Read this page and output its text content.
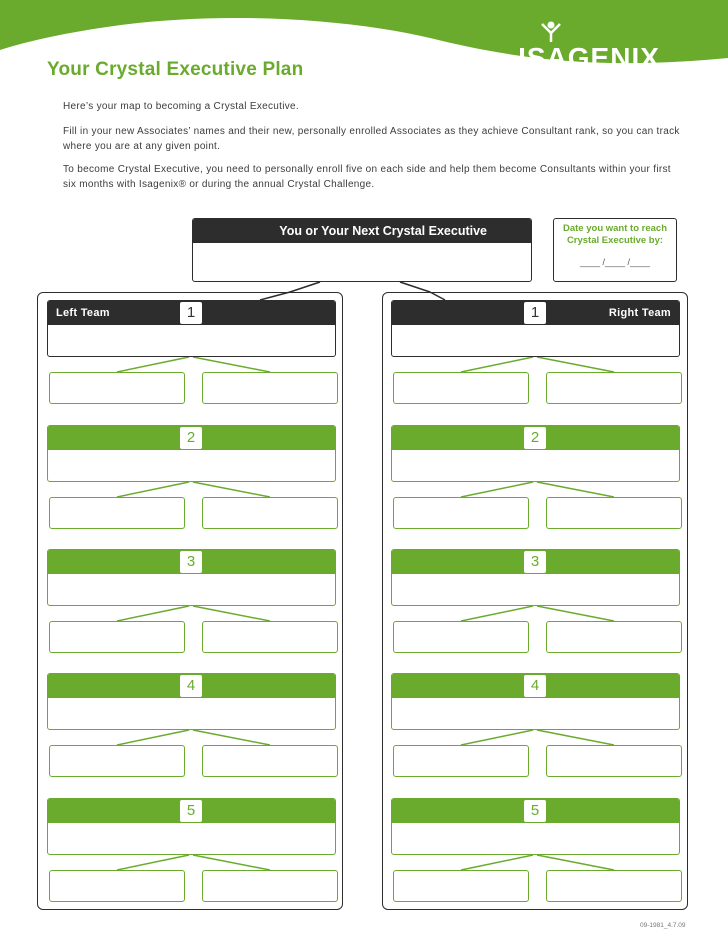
Your Crystal Executive Plan	ISAGENIX
World Leader in Nutritional Cleansing®
Here’s your map to becoming a Crystal Executive.
Fill in your new Associates’ names and their new, personally enrolled Associates as they achieve Consultant rank, so you can track where you are at any given point.
To become Crystal Executive, you need to personally enroll five on each side and help them become Consultants within your first six months with Isagenix® or during the annual Crystal Challenge.
You or Your Next Crystal Executive	Date you want to reach Crystal Executive by:
____ /____ /____
Left Team	1
2
3
4
5
Right Team
1
2
3
4
5
09-1981_4.7.09
